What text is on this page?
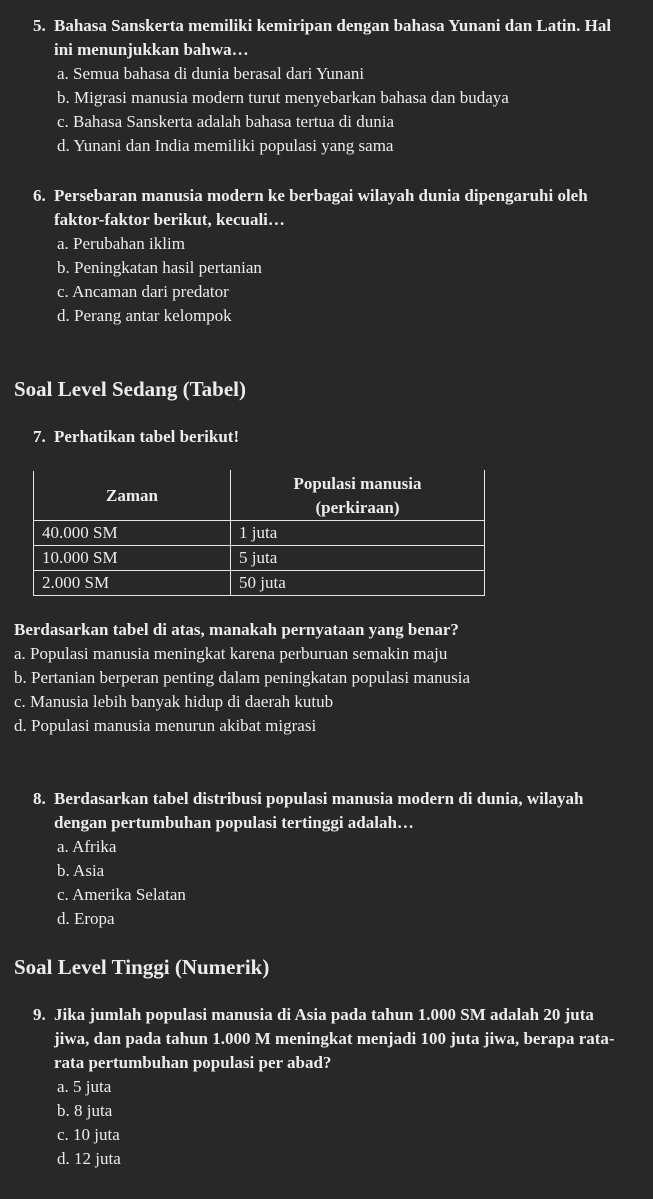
5. Bahasa Sanskerta memiliki kemiripan dengan bahasa Yunani dan Latin. Hal ini menunjukkan bahwa…
a. Semua bahasa di dunia berasal dari Yunani
b. Migrasi manusia modern turut menyebarkan bahasa dan budaya
c. Bahasa Sanskerta adalah bahasa tertua di dunia
d. Yunani dan India memiliki populasi yang sama
6. Persebaran manusia modern ke berbagai wilayah dunia dipengaruhi oleh faktor-faktor berikut, kecuali…
a. Perubahan iklim
b. Peningkatan hasil pertanian
c. Ancaman dari predator
d. Perang antar kelompok
Soal Level Sedang (Tabel)
7. Perhatikan tabel berikut!
Zaman	Populasi manusia (perkiraan)
40.000 SM	1 juta
10.000 SM	5 juta
2.000 SM	50 juta
Berdasarkan tabel di atas, manakah pernyataan yang benar?
a. Populasi manusia meningkat karena perburuan semakin maju
b. Pertanian berperan penting dalam peningkatan populasi manusia
c. Manusia lebih banyak hidup di daerah kutub
d. Populasi manusia menurun akibat migrasi
8. Berdasarkan tabel distribusi populasi manusia modern di dunia, wilayah dengan pertumbuhan populasi tertinggi adalah…
a. Afrika
b. Asia
c. Amerika Selatan
d. Eropa
Soal Level Tinggi (Numerik)
9. Jika jumlah populasi manusia di Asia pada tahun 1.000 SM adalah 20 juta jiwa, dan pada tahun 1.000 M meningkat menjadi 100 juta jiwa, berapa rata-rata pertumbuhan populasi per abad?
a. 5 juta
b. 8 juta
c. 10 juta
d. 12 juta
